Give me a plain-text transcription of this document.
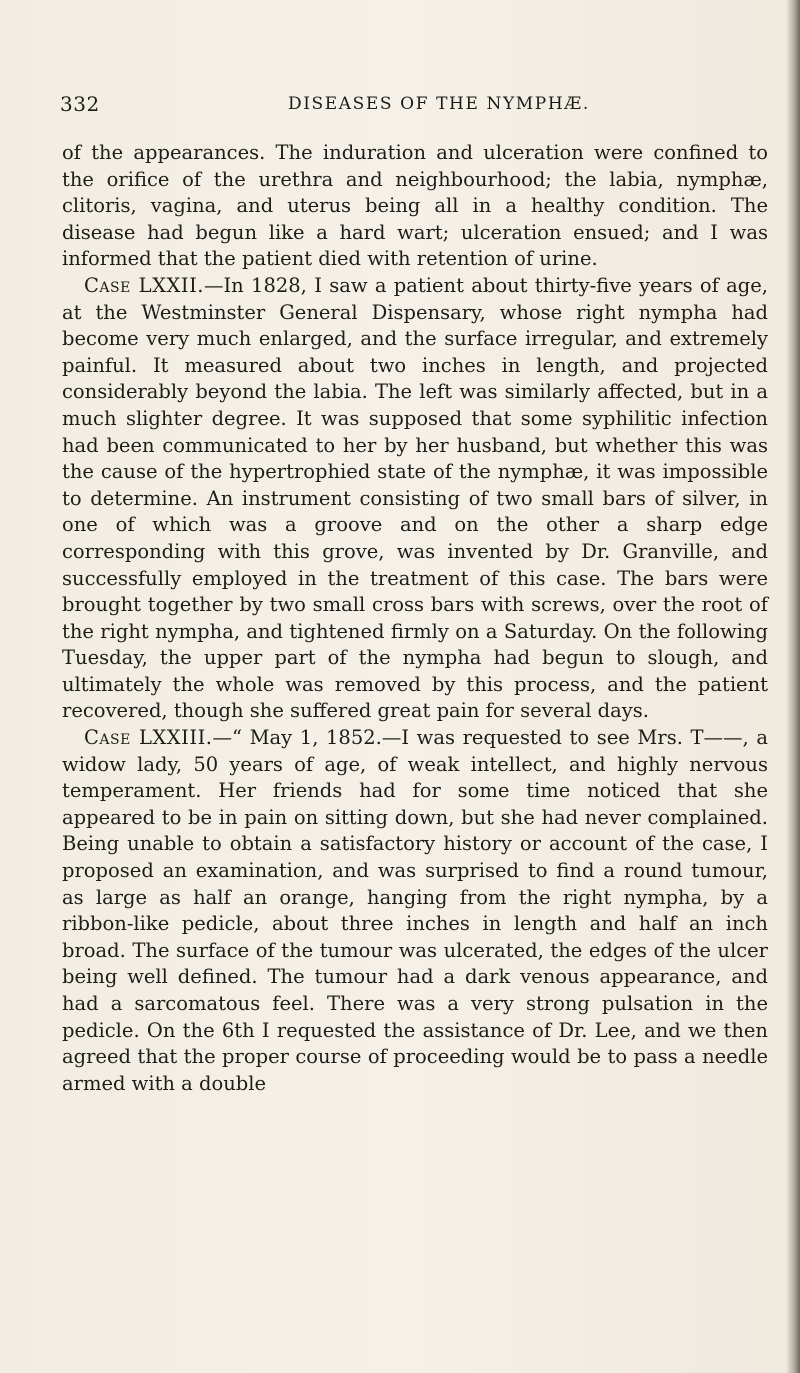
332	DISEASES OF THE NYMPHÆ.

of the appearances. The induration and ulceration were confined to the orifice of the urethra and neighbourhood; the labia, nymphæ, clitoris, vagina, and uterus being all in a healthy condition. The disease had begun like a hard wart; ulceration ensued; and I was informed that the patient died with retention of urine.

Case LXXII.—In 1828, I saw a patient about thirty-five years of age, at the Westminster General Dispensary, whose right nympha had become very much enlarged, and the surface irregular, and extremely painful. It measured about two inches in length, and projected considerably beyond the labia. The left was similarly affected, but in a much slighter degree. It was supposed that some syphilitic infection had been communicated to her by her husband, but whether this was the cause of the hypertrophied state of the nymphæ, it was impossible to determine. An instrument consisting of two small bars of silver, in one of which was a groove and on the other a sharp edge corresponding with this grove, was invented by Dr. Granville, and successfully employed in the treatment of this case. The bars were brought together by two small cross bars with screws, over the root of the right nympha, and tightened firmly on a Saturday. On the following Tuesday, the upper part of the nympha had begun to slough, and ultimately the whole was removed by this process, and the patient recovered, though she suffered great pain for several days.

Case LXXIII.—“ May 1, 1852.—I was requested to see Mrs. T——, a widow lady, 50 years of age, of weak intellect, and highly nervous temperament. Her friends had for some time noticed that she appeared to be in pain on sitting down, but she had never complained. Being unable to obtain a satisfactory history or account of the case, I proposed an examination, and was surprised to find a round tumour, as large as half an orange, hanging from the right nympha, by a ribbon-like pedicle, about three inches in length and half an inch broad. The surface of the tumour was ulcerated, the edges of the ulcer being well defined. The tumour had a dark venous appearance, and had a sarcomatous feel. There was a very strong pulsation in the pedicle. On the 6th I requested the assistance of Dr. Lee, and we then agreed that the proper course of proceeding would be to pass a needle armed with a double
